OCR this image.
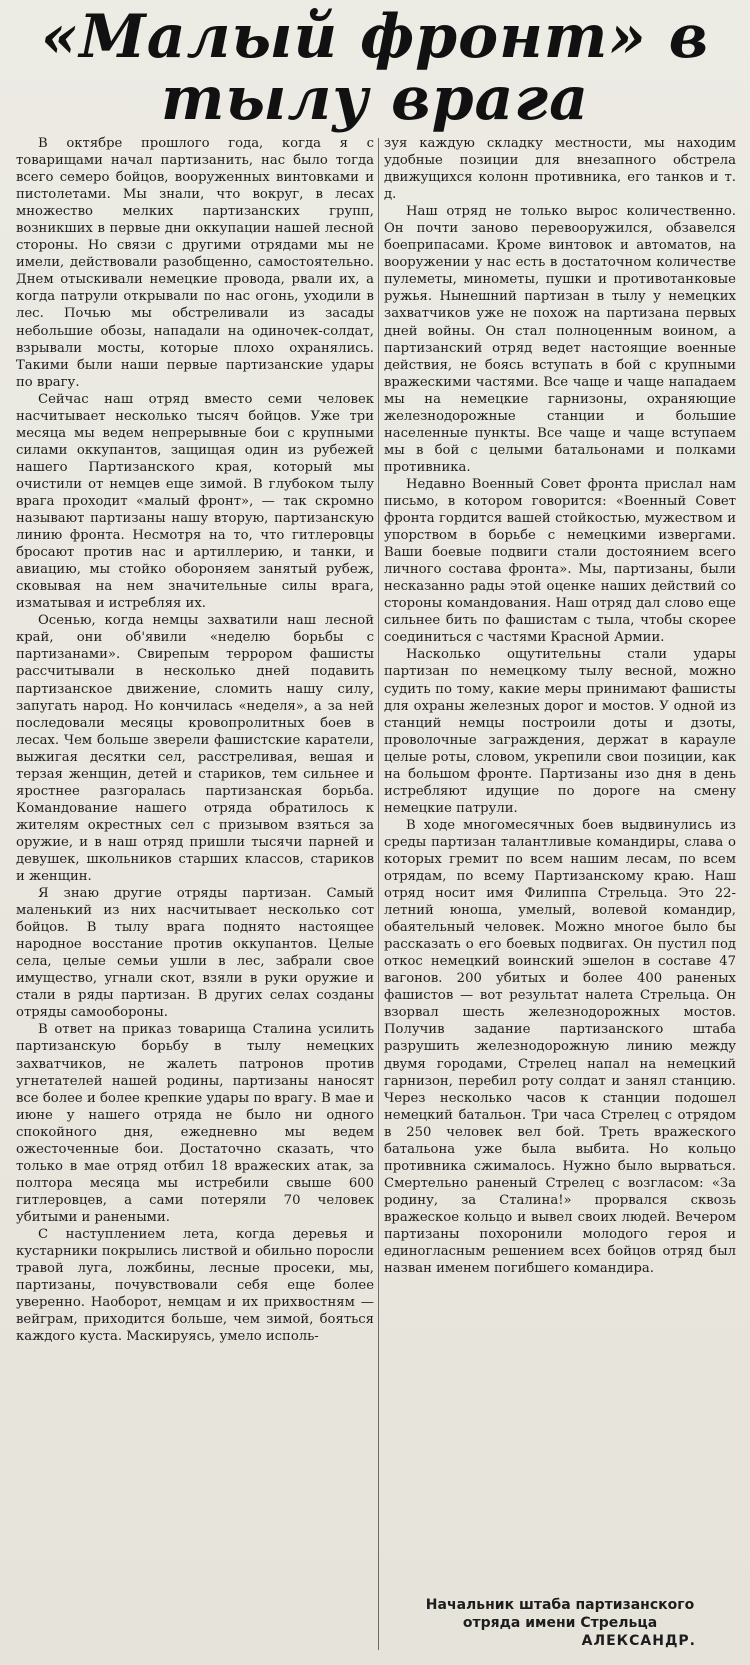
«Малый фронт» в
тылу врага

В октябре прошлого года, когда я с товарищами начал партизанить, нас было тогда всего семеро бойцов, вооруженных винтовками и пистолетами. Мы знали, что вокруг, в лесах множество мелких партизанских групп, возникших в первые дни оккупации нашей лесной стороны. Но связи с другими отрядами мы не имели, действовали разобщенно, самостоятельно. Днем отыскивали немецкие провода, рвали их, а когда патрули открывали по нас огонь, уходили в лес. Почью мы обстреливали из засады небольшие обозы, нападали на одиночек-солдат, взрывали мосты, которые плохо охранялись. Такими были наши первые партизанские удары по врагу.

Сейчас наш отряд вместо семи человек насчитывает несколько тысяч бойцов. Уже три месяца мы ведем непрерывные бои с крупными силами оккупантов, защищая один из рубежей нашего Партизанского края, который мы очистили от немцев еще зимой. В глубоком тылу врага проходит «малый фронт», — так скромно называют партизаны нашу вторую, партизанскую линию фронта. Несмотря на то, что гитлеровцы бросают против нас и артиллерию, и танки, и авиацию, мы стойко обороняем занятый рубеж, сковывая на нем значительные силы врага, изматывая и истребляя их.

Осенью, когда немцы захватили наш лесной край, они об'явили «неделю борьбы с партизанами». Свирепым террором фашисты рассчитывали в несколько дней подавить партизанское движение, сломить нашу силу, запугать народ. Но кончилась «неделя», а за ней последовали месяцы кровопролитных боев в лесах. Чем больше зверели фашистские каратели, выжигая десятки сел, расстреливая, вешая и терзая женщин, детей и стариков, тем сильнее и яростнее разгоралась партизанская борьба. Командование нашего отряда обратилось к жителям окрестных сел с призывом взяться за оружие, и в наш отряд пришли тысячи парней и девушек, школьников старших классов, стариков и женщин.

Я знаю другие отряды партизан. Самый маленький из них насчитывает несколько сот бойцов. В тылу врага поднято настоящее народное восстание против оккупантов. Целые села, целые семьи ушли в лес, забрали свое имущество, угнали скот, взяли в руки оружие и стали в ряды партизан. В других селах созданы отряды самообороны.

В ответ на приказ товарища Сталина усилить партизанскую борьбу в тылу немецких захватчиков, не жалеть патронов против угнетателей нашей родины, партизаны наносят все более и более крепкие удары по врагу. В мае и июне у нашего отряда не было ни одного спокойного дня, ежедневно мы ведем ожесточенные бои. Достаточно сказать, что только в мае отряд отбил 18 вражеских атак, за полтора месяца мы истребили свыше 600 гитлеровцев, а сами потеряли 70 человек убитыми и ранеными.

С наступлением лета, когда деревья и кустарники покрылись листвой и обильно поросли травой луга, ложбины, лесные просеки, мы, партизаны, почувствовали себя еще более уверенно. Наоборот, немцам и их прихвостням — вейграм, приходится больше, чем зимой, бояться каждого куста. Маскируясь, умело исполь-

зуя каждую складку местности, мы находим удобные позиции для внезапного обстрела движущихся колонн противника, его танков и т. д.

Наш отряд не только вырос количественно. Он почти заново перевооружился, обзавелся боеприпасами. Кроме винтовок и автоматов, на вооружении у нас есть в достаточном количестве пулеметы, минометы, пушки и противотанковые ружья. Нынешний партизан в тылу у немецких захватчиков уже не похож на партизана первых дней войны. Он стал полноценным воином, а партизанский отряд ведет настоящие военные действия, не боясь вступать в бой с крупными вражескими частями. Все чаще и чаще нападаем мы на немецкие гарнизоны, охраняющие железнодорожные станции и большие населенные пункты. Все чаще и чаще вступаем мы в бой с целыми батальонами и полками противника.

Недавно Военный Совет фронта прислал нам письмо, в котором говорится: «Военный Совет фронта гордится вашей стойкостью, мужеством и упорством в борьбе с немецкими извергами. Ваши боевые подвиги стали достоянием всего личного состава фронта». Мы, партизаны, были несказанно рады этой оценке наших действий со стороны командования. Наш отряд дал слово еще сильнее бить по фашистам с тыла, чтобы скорее соединиться с частями Красной Армии.

Насколько ощутительны стали удары партизан по немецкому тылу весной, можно судить по тому, какие меры принимают фашисты для охраны железных дорог и мостов. У одной из станций немцы построили доты и дзоты, проволочные заграждения, держат в карауле целые роты, словом, укрепили свои позиции, как на большом фронте. Партизаны изо дня в день истребляют идущие по дороге на смену немецкие патрули.

В ходе многомесячных боев выдвинулись из среды партизан талантливые командиры, слава о которых гремит по всем нашим лесам, по всем отрядам, по всему Партизанскому краю. Наш отряд носит имя Филиппа Стрельца. Это 22-летний юноша, умелый, волевой командир, обаятельный человек. Можно многое было бы рассказать о его боевых подвигах. Он пустил под откос немецкий воинский эшелон в составе 47 вагонов. 200 убитых и более 400 раненых фашистов — вот результат налета Стрельца. Он взорвал шесть железнодорожных мостов. Получив задание партизанского штаба разрушить железнодорожную линию между двумя городами, Стрелец напал на немецкий гарнизон, перебил роту солдат и занял станцию. Через несколько часов к станции подошел немецкий батальон. Три часа Стрелец с отрядом в 250 человек вел бой. Треть вражеского батальона уже была выбита. Но кольцо противника сжималось. Нужно было вырваться. Смертельно раненый Стрелец с возгласом: «За родину, за Сталина!» прорвался сквозь вражеское кольцо и вывел своих людей. Вечером партизаны похоронили молодого героя и единогласным решением всех бойцов отряд был назван именем погибшего командира.

Начальник штаба партизанского
отряда имени Стрельца
АЛЕКСАНДР.
